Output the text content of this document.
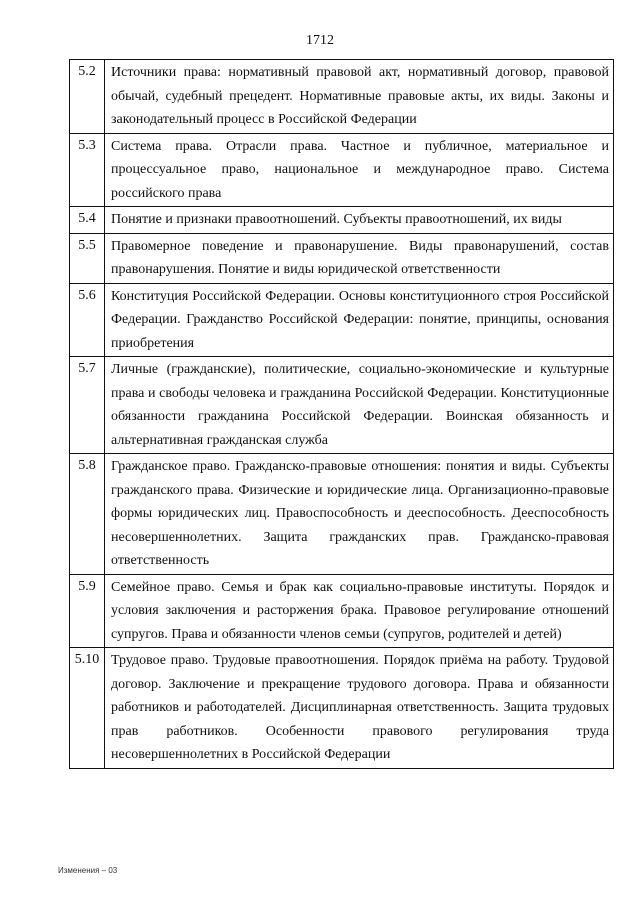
1712
5.2	Источники права: нормативный правовой акт, нормативный договор, правовой обычай, судебный прецедент. Нормативные правовые акты, их виды. Законы и законодательный процесс в Российской Федерации
5.3	Система права. Отрасли права. Частное и публичное, материальное и процессуальное право, национальное и международное право. Система российского права
5.4	Понятие и признаки правоотношений. Субъекты правоотношений, их виды
5.5	Правомерное поведение и правонарушение. Виды правонарушений, состав правонарушения. Понятие и виды юридической ответственности
5.6	Конституция Российской Федерации. Основы конституционного строя Российской Федерации. Гражданство Российской Федерации: понятие, принципы, основания приобретения
5.7	Личные (гражданские), политические, социально-экономические и культурные права и свободы человека и гражданина Российской Федерации. Конституционные обязанности гражданина Российской Федерации. Воинская обязанность и альтернативная гражданская служба
5.8	Гражданское право. Гражданско-правовые отношения: понятия и виды. Субъекты гражданского права. Физические и юридические лица. Организационно-правовые формы юридических лиц. Правоспособность и дееспособность. Дееспособность несовершеннолетних. Защита гражданских прав. Гражданско-правовая ответственность
5.9	Семейное право. Семья и брак как социально-правовые институты. Порядок и условия заключения и расторжения брака. Правовое регулирование отношений супругов. Права и обязанности членов семьи (супругов, родителей и детей)
5.10	Трудовое право. Трудовые правоотношения. Порядок приёма на работу. Трудовой договор. Заключение и прекращение трудового договора. Права и обязанности работников и работодателей. Дисциплинарная ответственность. Защита трудовых прав работников. Особенности правового регулирования труда несовершеннолетних в Российской Федерации
Изменения – 03
